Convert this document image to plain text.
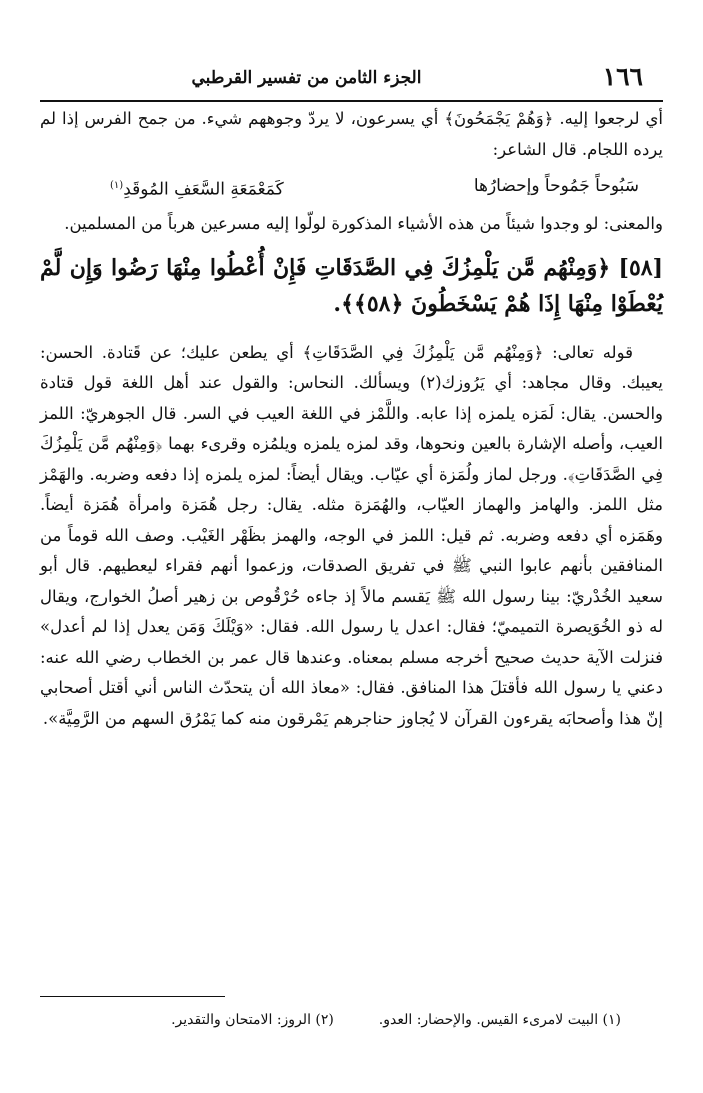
١٦٦
الجزء الثامن من تفسير القرطبي

أي لرجعوا إليه. ﴿وَهُمْ يَجْمَحُونَ﴾ أي يسرعون، لا يردّ وجوههم شيء. من جمح الفرس إذا لم يرده اللجام. قال الشاعر:

سَبُوحاً جَمُوحاً وإحضارُها
كَمَعْمَعَةِ السَّعَفِ المُوقَدِ$^{(١)}$

والمعنى: لو وجدوا شيئاً من هذه الأشياء المذكورة لولّوا إليه مسرعين هرباً من المسلمين.

[٥٨] ﴿وَمِنْهُم مَّن يَلْمِزُكَ فِي الصَّدَقَاتِ فَإِنْ أُعْطُوا مِنْهَا رَضُوا وَإِن لَّمْ يُعْطَوْا مِنْهَا إِذَا هُمْ يَسْخَطُونَ ﴿٥٨﴾﴾.

قوله تعالى: ﴿وَمِنْهُم مَّن يَلْمِزُكَ فِي الصَّدَقَاتِ﴾ أي يطعن عليك؛ عن قَتادة. الحسن: يعيبك. وقال مجاهد: أي يَرُوزك(٢) ويسألك. النحاس: والقول عند أهل اللغة قول قتادة والحسن. يقال: لَمَزه يلمزه إذا عابه. واللَّمْز في اللغة العيب في السر. قال الجوهريّ: اللمز العيب، وأصله الإشارة بالعين ونحوها، وقد لمزه يلمزه ويلمُزه وقرىء بهما ﴿وَمِنْهُم مَّن يَلْمِزُكَ فِي الصَّدَقَاتِ﴾. ورجل لماز ولُمَزة أي عيّاب. ويقال أيضاً: لمزه يلمزه إذا دفعه وضربه. والهَمْز مثل اللمز. والهامز والهماز العيّاب، والهُمَزة مثله. يقال: رجل هُمَزة وامرأة هُمَزة أيضاً. وهَمَزه أي دفعه وضربه. ثم قيل: اللمز في الوجه، والهمز بظَهْر الغَيْب. وصف الله قوماً من المنافقين بأنهم عابوا النبي ﷺ في تفريق الصدقات، وزعموا أنهم فقراء ليعطيهم. قال أبو سعيد الخُدْريّ: بينا رسول الله ﷺ يَقسم مالاً إذ جاءه حُرْقُوص بن زهير أصلُ الخوارج، ويقال له ذو الخُوَيصرة التميميّ؛ فقال: اعدل يا رسول الله. فقال: «وَيْلَكَ وَمَن يعدل إذا لم أعدل» فنزلت الآية حديث صحيح أخرجه مسلم بمعناه. وعندها قال عمر بن الخطاب رضي الله عنه: دعني يا رسول الله فأقتلَ هذا المنافق. فقال: «معاذ الله أن يتحدّث الناس أني أقتل أصحابي إنّ هذا وأصحابَه يقرءون القرآن لا يُجاوز حناجرهم يَمْرقون منه كما يَمْرُق السهم من الرَّمِيَّة».

(١) البيت لامرىء القيس. والإحضار: العدو.  (٢) الروز: الامتحان والتقدير.
